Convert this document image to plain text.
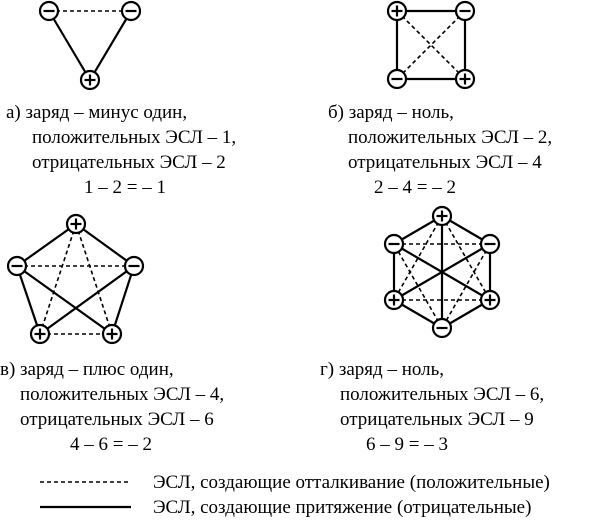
а) заряд – минус один,
положительных ЭСЛ – 1,
отрицательных ЭСЛ – 2
1 – 2 = – 1
б) заряд – ноль,
положительных ЭСЛ – 2,
отрицательных ЭСЛ – 4
2 – 4 = – 2
в) заряд – плюс один,
положительных ЭСЛ – 4,
отрицательных ЭСЛ – 6
4 – 6 = – 2
г) заряд – ноль,
положительных ЭСЛ – 6,
отрицательных ЭСЛ – 9
6 – 9 = – 3
ЭСЛ, создающие отталкивание (положительные)
ЭСЛ, создающие притяжение (отрицательные)
